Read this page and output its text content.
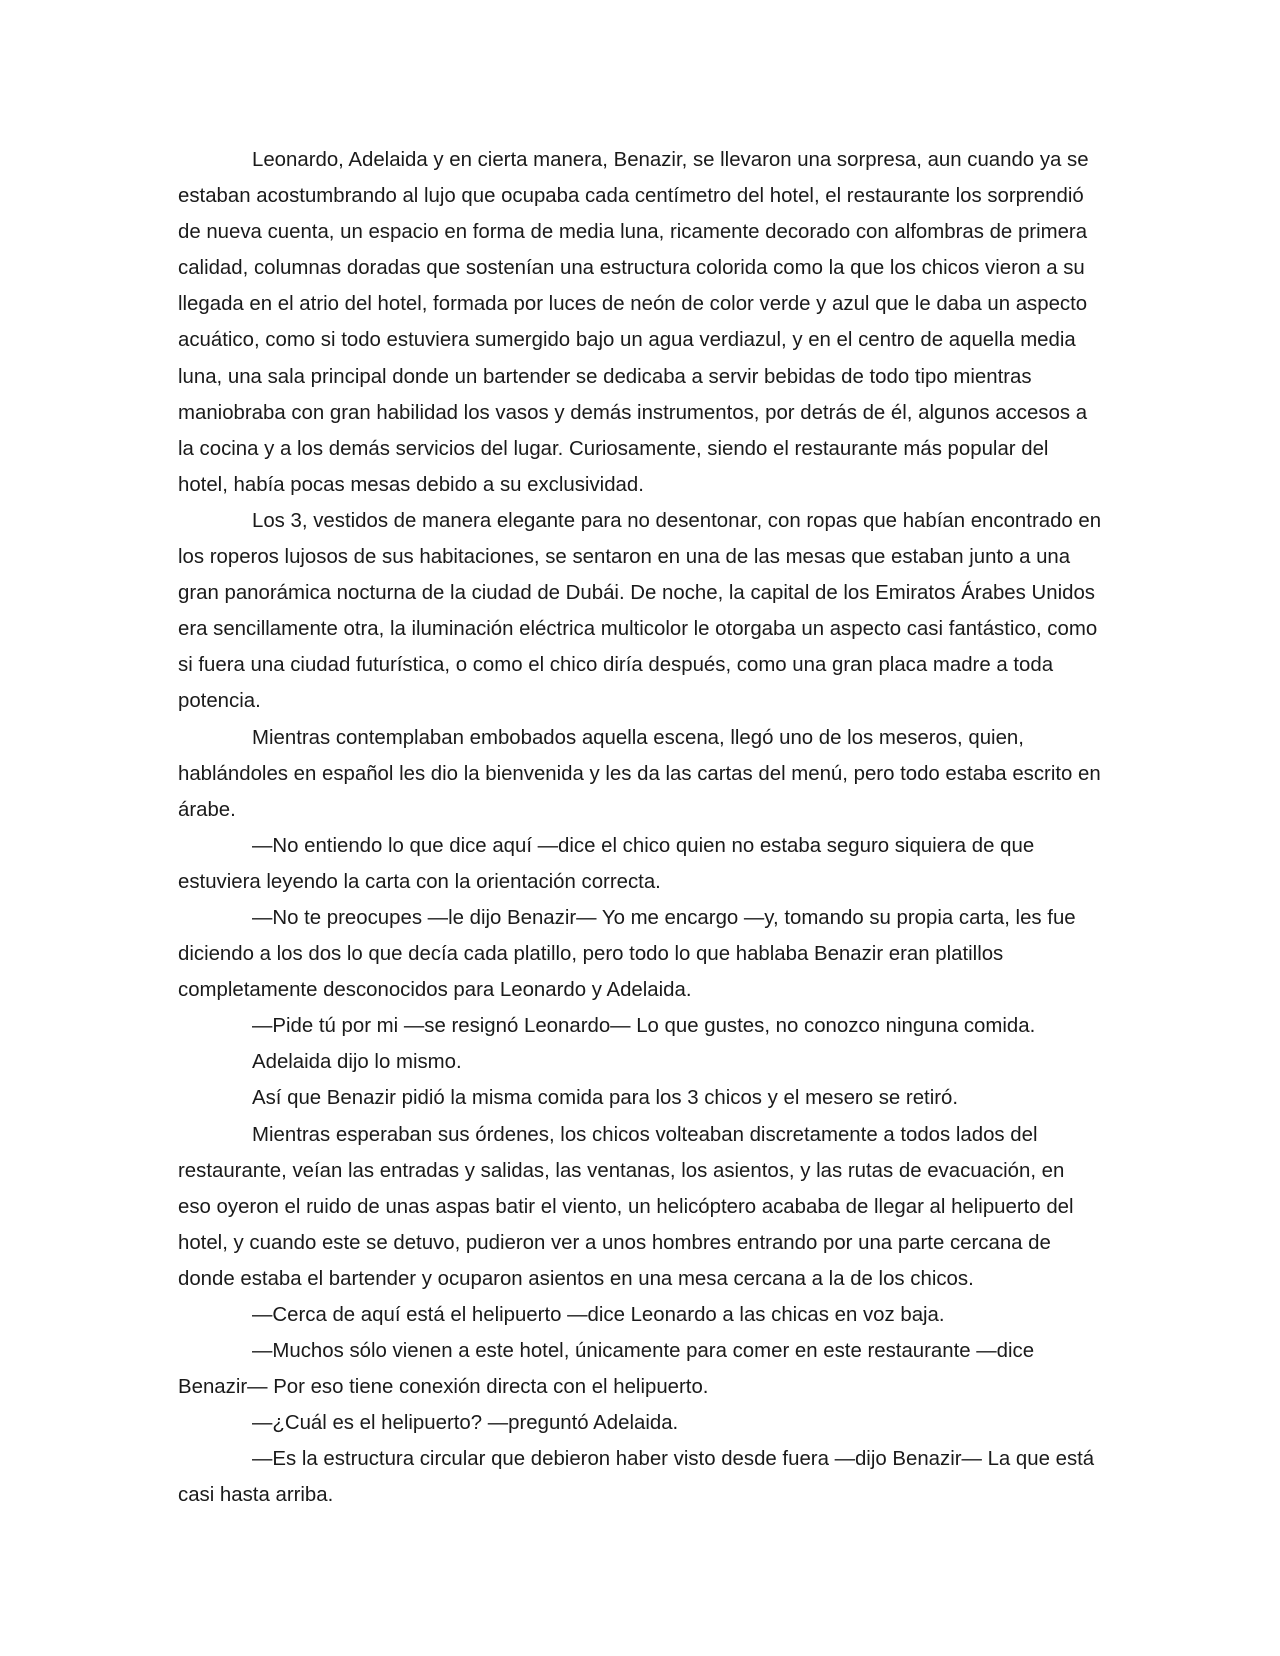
Leonardo, Adelaida y en cierta manera, Benazir, se llevaron una sorpresa, aun cuando ya se estaban acostumbrando al lujo que ocupaba cada centímetro del hotel, el restaurante los sorprendió de nueva cuenta, un espacio en forma de media luna, ricamente decorado con alfombras de primera calidad, columnas doradas que sostenían una estructura colorida como la que los chicos vieron a su llegada en el atrio del hotel, formada por luces de neón de color verde y azul que le daba un aspecto acuático, como si todo estuviera sumergido bajo un agua verdiazul, y en el centro de aquella media luna, una sala principal donde un bartender se dedicaba a servir bebidas de todo tipo mientras maniobraba con gran habilidad los vasos y demás instrumentos, por detrás de él, algunos accesos a la cocina y a los demás servicios del lugar. Curiosamente, siendo el restaurante más popular del hotel, había pocas mesas debido a su exclusividad.

Los 3, vestidos de manera elegante para no desentonar, con ropas que habían encontrado en los roperos lujosos de sus habitaciones, se sentaron en una de las mesas que estaban junto a una gran panorámica nocturna de la ciudad de Dubái. De noche, la capital de los Emiratos Árabes Unidos era sencillamente otra, la iluminación eléctrica multicolor le otorgaba un aspecto casi fantástico, como si fuera una ciudad futurística, o como el chico diría después, como una gran placa madre a toda potencia.

Mientras contemplaban embobados aquella escena, llegó uno de los meseros, quien, hablándoles en español les dio la bienvenida y les da las cartas del menú, pero todo estaba escrito en árabe.

—No entiendo lo que dice aquí —dice el chico quien no estaba seguro siquiera de que estuviera leyendo la carta con la orientación correcta.

—No te preocupes —le dijo Benazir— Yo me encargo —y, tomando su propia carta, les fue diciendo a los dos lo que decía cada platillo, pero todo lo que hablaba Benazir eran platillos completamente desconocidos para Leonardo y Adelaida.

—Pide tú por mi —se resignó Leonardo— Lo que gustes, no conozco ninguna comida.

Adelaida dijo lo mismo.

Así que Benazir pidió la misma comida para los 3 chicos y el mesero se retiró.

Mientras esperaban sus órdenes, los chicos volteaban discretamente a todos lados del restaurante, veían las entradas y salidas, las ventanas, los asientos, y las rutas de evacuación, en eso oyeron el ruido de unas aspas batir el viento, un helicóptero acababa de llegar al helipuerto del hotel, y cuando este se detuvo, pudieron ver a unos hombres entrando por una parte cercana de donde estaba el bartender y ocuparon asientos en una mesa cercana a la de los chicos.

—Cerca de aquí está el helipuerto —dice Leonardo a las chicas en voz baja.

—Muchos sólo vienen a este hotel, únicamente para comer en este restaurante —dice Benazir— Por eso tiene conexión directa con el helipuerto.

—¿Cuál es el helipuerto? —preguntó Adelaida.

—Es la estructura circular que debieron haber visto desde fuera —dijo Benazir— La que está casi hasta arriba.
